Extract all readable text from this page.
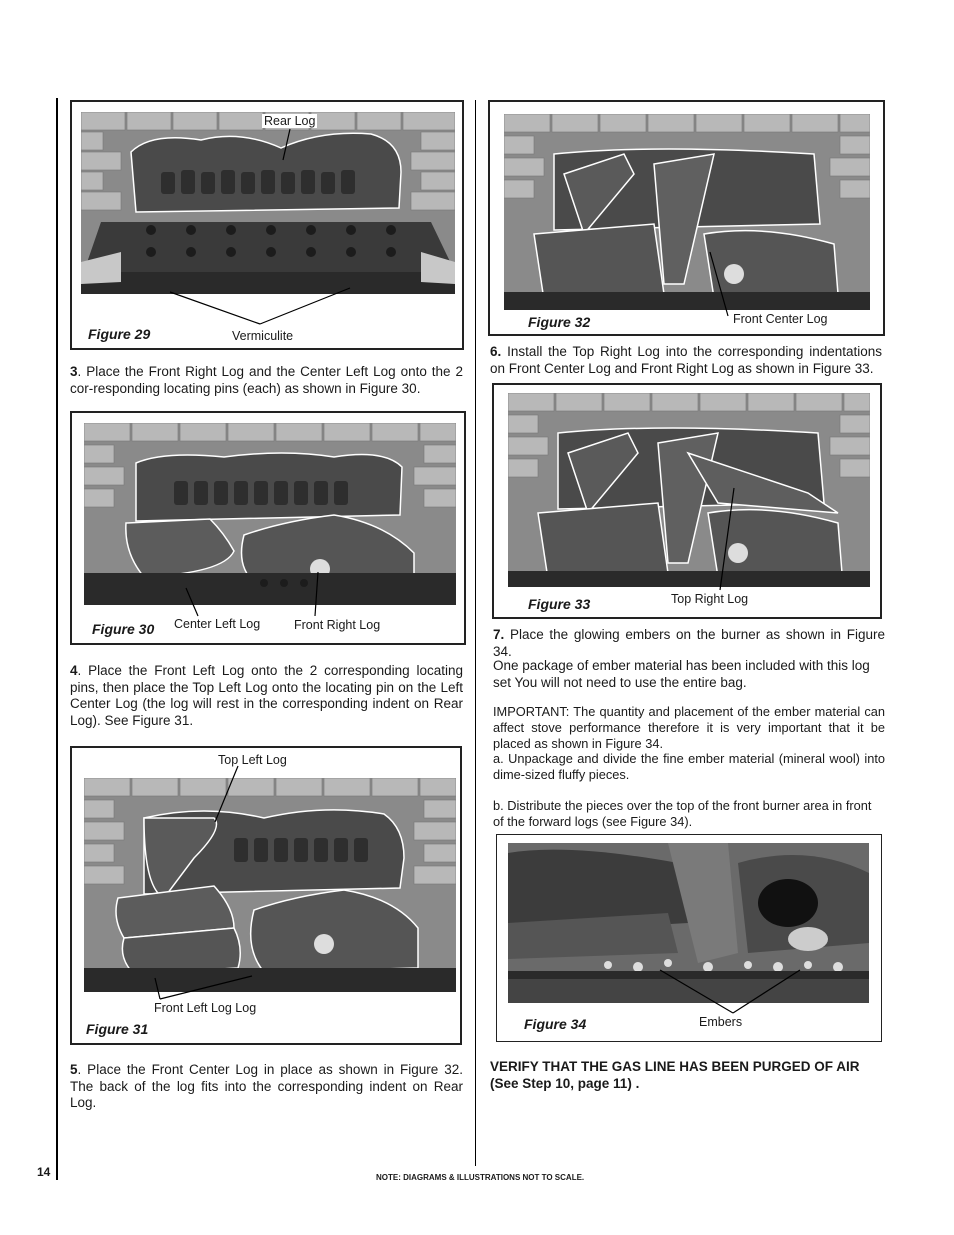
Rear Log
Figure 29	Vermiculite
3. Place the Front Right Log and the Center Left Log onto the 2 cor-responding locating pins (each) as shown in Figure 30.
Figure 30 Center Left Log	Front Right Log
4. Place the Front Left Log onto the 2 corresponding locating pins, then place the Top Left Log onto the locating pin on the Left Center Log (the log will rest in the corresponding indent on Rear Log). See Figure 31.
Top Left Log
Front Left Log Log
Figure 31
5. Place the Front Center Log in place as shown in Figure 32. The back of the log fits into the corresponding indent on Rear Log.
Figure 32	Front Center Log
6. Install the Top Right Log into the corresponding indentations on Front Center Log and Front Right Log as shown in Figure 33.
Figure 33	Top Right Log
7. Place the glowing embers on the burner as shown in Figure 34.
One package of ember material has been included with this log set You will not need to use the entire bag.
IMPORTANT: The quantity and placement of the ember material can affect stove performance therefore it is very important that it be placed as shown in Figure 34.
a. Unpackage and divide the fine ember material (mineral wool) into dime-sized fluffy pieces.
b. Distribute the pieces over the top of the front burner area in front of the forward logs (see Figure 34).
Figure 34	Embers
VERIFY THAT THE GAS LINE HAS BEEN PURGED OF AIR (See Step 10, page 11) .
14	NOTE: DIAGRAMS & ILLUSTRATIONS NOT TO SCALE.
